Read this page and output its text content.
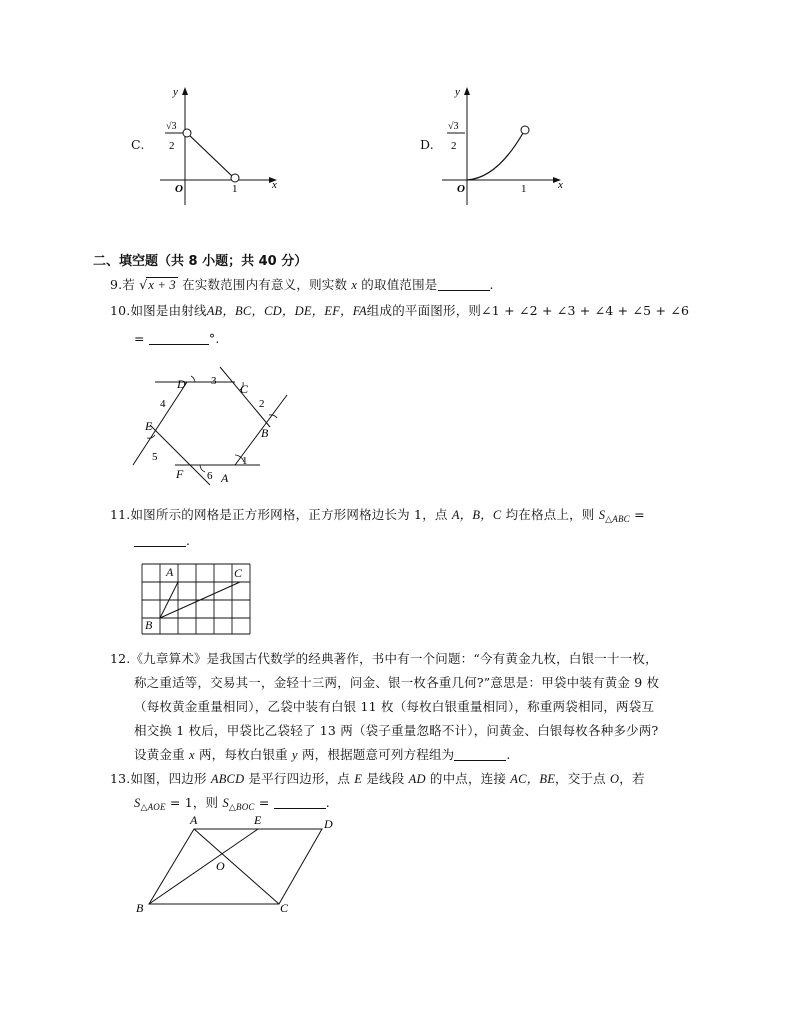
C.
y
x
O	1
√3
2	D.
y
x
O	1
√3
2
二、填空题（共 8 小题；共 40 分）
9.若 √x + 3 在实数范围内有意义，则实数 x 的取值范围是	.
10.如图是由射线AB，BC，CD，DE，EF，FA组成的平面图形，则∠1 + ∠2 + ∠3 + ∠4 + ∠5 + ∠6
=	°.
D 3
C
2
B
1
A
6
F
5
E
4
11.如图所示的网格是正方形网格，正方形网格边长为 1，点 A，B，C 均在格点上，则 $S_{\triangle ABC}$ =
.
A	C
B
12.《九章算术》是我国古代数学的经典著作，书中有一个问题：“今有黄金九枚，白银一十一枚，
称之重适等，交易其一，金轻十三两，问金、银一枚各重几何?”意思是：甲袋中装有黄金 9 枚
（每枚黄金重量相同），乙袋中装有白银 11 枚（每枚白银重量相同），称重两袋相同，两袋互
相交换 1 枚后，甲袋比乙袋轻了 13 两（袋子重量忽略不计），问黄金、白银每枚各种多少两?
设黄金重 x 两，每枚白银重 y 两，根据题意可列方程组为	.
13.如图，四边形 ABCD 是平行四边形，点 E 是线段 AD 的中点，连接 AC，BE，交于点 O，若
$S_{\triangle AOE} = 1$，则 $S_{\triangle BOC}$ =	.
A	E	D
B	C
O
